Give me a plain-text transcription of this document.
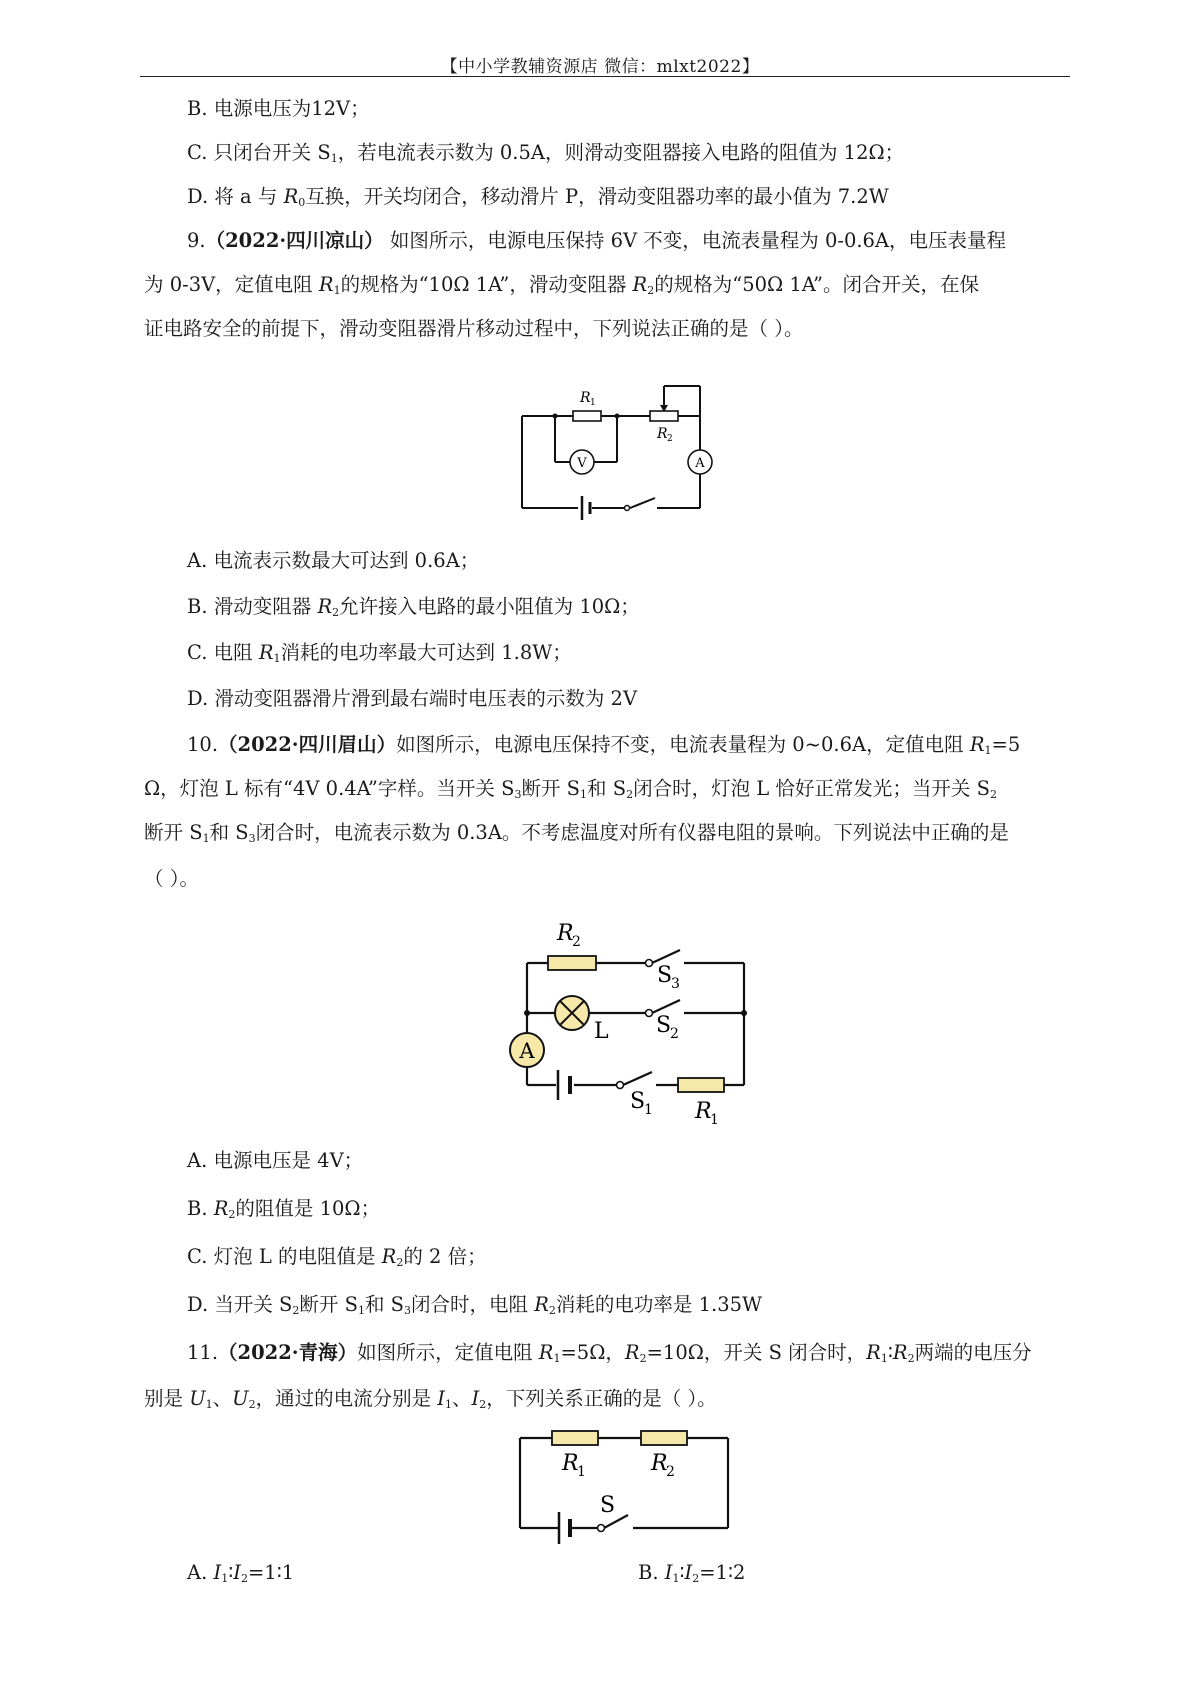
【中小学教辅资源店 微信：mlxt2022】
B. 电源电压为12V；
C. 只闭台开关 $S_1$，若电流表示数为 0.5A，则滑动变阻器接入电路的阻值为 12Ω；
D. 将 a 与 $R_0$互换，开关均闭合，移动滑片 P，滑动变阻器功率的最小值为 7.2W
9.（2022·四川凉山） 如图所示，电源电压保持 6V 不变，电流表量程为 0-0.6A，电压表量程
为 0-3V，定值电阻 $R_1$的规格为“10Ω 1A”，滑动变阻器 $R_2$的规格为“50Ω 1A”。闭合开关，在保
证电路安全的前提下，滑动变阻器滑片移动过程中，下列说法正确的是（ ）。
V	A
R 1
R 2
A. 电流表示数最大可达到 0.6A；
B. 滑动变阻器 $R_2$允许接入电路的最小阻值为 10Ω；
C. 电阻 $R_1$消耗的电功率最大可达到 1.8W；
D. 滑动变阻器滑片滑到最右端时电压表的示数为 2V
10.（2022·四川眉山）如图所示，电源电压保持不变，电流表量程为 0~0.6A，定值电阻 $R_1=5$
Ω，灯泡 L 标有“4V 0.4A”字样。当开关 $S_3$断开 $S_1$和 $S_2$闭合时，灯泡 L 恰好正常发光；当开关 $S_2$
断开 $S_1$和 $S_3$闭合时，电流表示数为 0.3A。不考虑温度对所有仪器电阻的景响。下列说法中正确的是
（ ）。
A
R
2
S
3
L S
2
S
1 R
1
A. 电源电压是 4V；
B. $R_2$的阻值是 10Ω；
C. 灯泡 L 的电阻值是 $R_2$的 2 倍；
D. 当开关 $S_2$断开 $S_1$和 $S_3$闭合时，电阻 $R_2$消耗的电功率是 1.35W
11.（2022·青海）如图所示，定值电阻 $R_1=5\Omega$，$R_2=10\Omega$，开关 S 闭合时，$R_1∶R_2$两端的电压分
别是 $U_1$、$U_2$，通过的电流分别是 $I_1$、$I_2$，下列关系正确的是（ ）。
R
1	R
2
S
A. $I_1∶I_2=1∶1$	B. $I_1∶I_2=1∶2$
